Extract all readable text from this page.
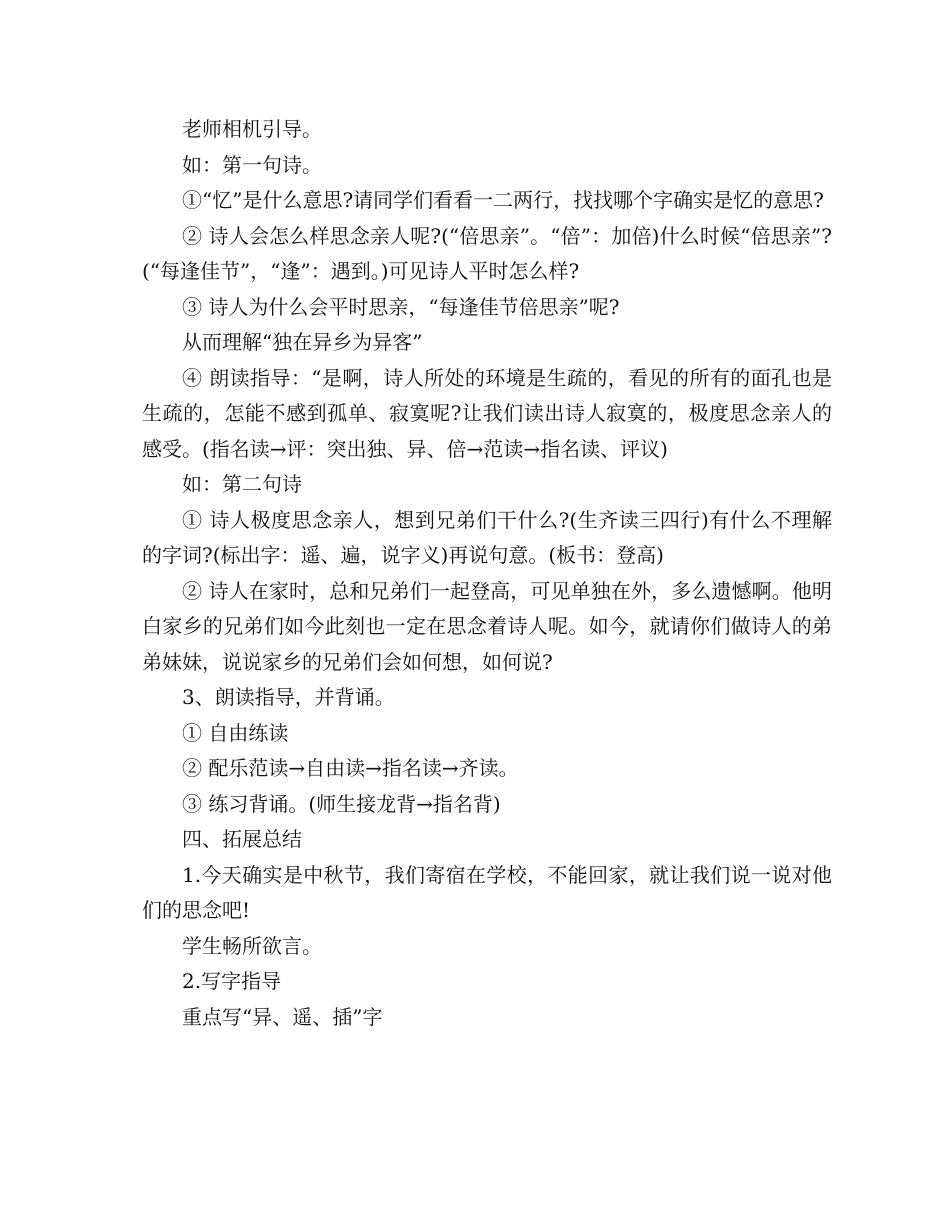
老师相机引导。

如：第一句诗。

①“忆”是什么意思?请同学们看看一二两行，找找哪个字确实是忆的意思?

② 诗人会怎么样思念亲人呢?(“倍思亲”。“倍”：加倍)什么时候“倍思亲”?(“每逢佳节”，“逢”：遇到。)可见诗人平时怎么样?

③ 诗人为什么会平时思亲，“每逢佳节倍思亲”呢?

从而理解“独在异乡为异客”

④ 朗读指导：“是啊，诗人所处的环境是生疏的，看见的所有的面孔也是生疏的，怎能不感到孤单、寂寞呢?让我们读出诗人寂寞的，极度思念亲人的感受。(指名读→评：突出独、异、倍→范读→指名读、评议)

如：第二句诗

① 诗人极度思念亲人，想到兄弟们干什么?(生齐读三四行)有什么不理解的字词?(标出字：遥、遍，说字义)再说句意。(板书：登高)

② 诗人在家时，总和兄弟们一起登高，可见单独在外，多么遗憾啊。他明白家乡的兄弟们如今此刻也一定在思念着诗人呢。如今，就请你们做诗人的弟弟妹妹，说说家乡的兄弟们会如何想，如何说?

3、朗读指导，并背诵。

① 自由练读

② 配乐范读→自由读→指名读→齐读。

③ 练习背诵。(师生接龙背→指名背)

四、拓展总结

1.今天确实是中秋节，我们寄宿在学校，不能回家，就让我们说一说对他们的思念吧!

学生畅所欲言。

2.写字指导

重点写“异、遥、插”字
